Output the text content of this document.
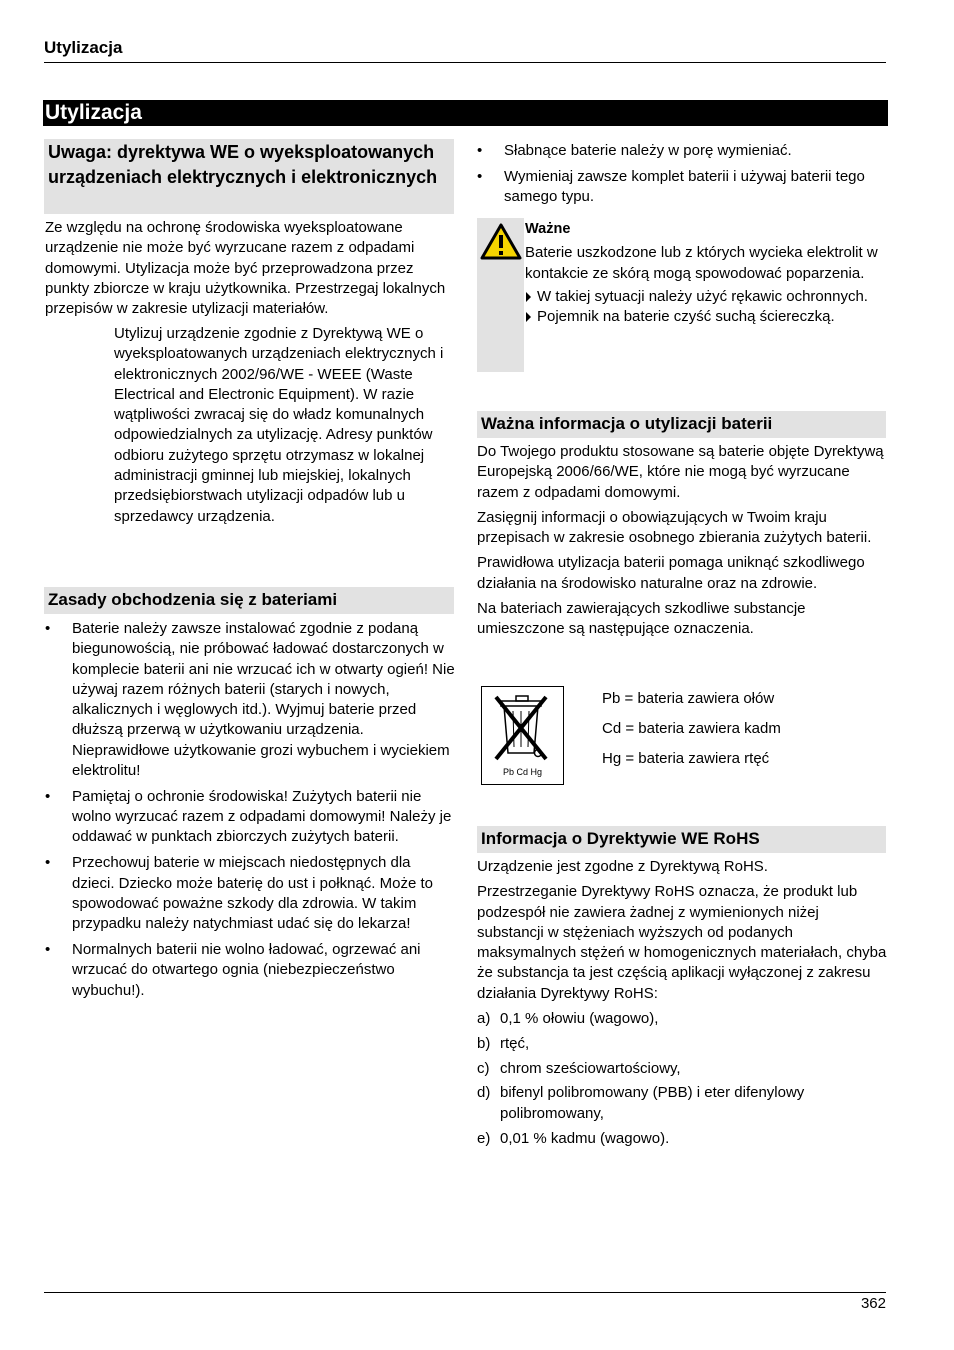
Utylizacja
Utylizacja
Uwaga: dyrektywa WE o wyeksploatowanych urządzeniach elektrycznych i elektronicznych
Ze względu na ochronę środowiska wyeksploatowane urządzenie nie może być wyrzucane razem z odpadami domowymi. Utylizacja może być przeprowadzona przez punkty zbiorcze w kraju użytkownika. Przestrzegaj lokalnych przepisów w zakresie utylizacji materiałów.
Utylizuj urządzenie zgodnie z Dyrektywą WE o wyeksploatowanych urządzeniach elektrycznych i elektronicznych 2002/96/WE - WEEE (Waste Electrical and Electronic Equipment). W razie wątpliwości zwracaj się do władz komunalnych odpowiedzialnych za utylizację. Adresy punktów odbioru zużytego sprzętu otrzymasz w lokalnej administracji gminnej lub miejskiej, lokalnych przedsiębiorstwach utylizacji odpadów lub u sprzedawcy urządzenia.
Zasady obchodzenia się z bateriami
• Baterie należy zawsze instalować zgodnie z podaną biegunowością, nie próbować ładować dostarczonych w komplecie baterii ani nie wrzucać ich w otwarty ogień! Nie używaj razem różnych baterii (starych i nowych, alkalicznych i węglowych itd.). Wyjmuj baterie przed dłuższą przerwą w użytkowaniu urządzenia. Nieprawidłowe użytkowanie grozi wybuchem i wyciekiem elektrolitu!
• Pamiętaj o ochronie środowiska! Zużytych baterii nie wolno wyrzucać razem z odpadami domowymi! Należy je oddawać w punktach zbiorczych zużytych baterii.
• Przechowuj baterie w miejscach niedostępnych dla dzieci. Dziecko może baterię do ust i połknąć. Może to spowodować poważne szkody dla zdrowia. W takim przypadku należy natychmiast udać się do lekarza!
• Normalnych baterii nie wolno ładować, ogrzewać ani wrzucać do otwartego ognia (niebezpieczeństwo wybuchu!).
• Słabnące baterie należy w porę wymieniać.
• Wymieniaj zawsze komplet baterii i używaj baterii tego samego typu.
Ważne
Baterie uszkodzone lub z których wycieka elektrolit w kontakcie ze skórą mogą spowodować poparzenia.
W takiej sytuacji należy użyć rękawic ochronnych.
Pojemnik na baterie czyść suchą ściereczką.
Ważna informacja o utylizacji baterii

Do Twojego produktu stosowane są baterie objęte Dyrektywą Europejską 2006/66/WE, które nie mogą być wyrzucane razem z odpadami domowymi.

Zasięgnij informacji o obowiązujących w Twoim kraju przepisach w zakresie osobnego zbierania zużytych baterii.

Prawidłowa utylizacja baterii pomaga uniknąć szkodliwego działania na środowisko naturalne oraz na zdrowie.

Na bateriach zawierających szkodliwe substancje umieszczone są następujące oznaczenia.

Pb Cd Hg

Pb = bateria zawiera ołów

Cd = bateria zawiera kadm

Hg = bateria zawiera rtęć

Informacja o Dyrektywie WE RoHS

Urządzenie jest zgodne z Dyrektywą RoHS.

Przestrzeganie Dyrektywy RoHS oznacza, że produkt lub podzespół nie zawiera żadnej z wymienionych niżej substancji w stężeniach wyższych od podanych maksymalnych stężeń w homogenicznych materiałach, chyba że substancja ta jest częścią aplikacji wyłączonej z zakresu działania Dyrektywy RoHS:

a) 0,1 % ołowiu (wagowo),
b) rtęć,
c) chrom sześciowartościowy,
d) bifenyl polibromowany (PBB) i eter difenylowy polibromowany,
e) 0,01 % kadmu (wagowo).
362
